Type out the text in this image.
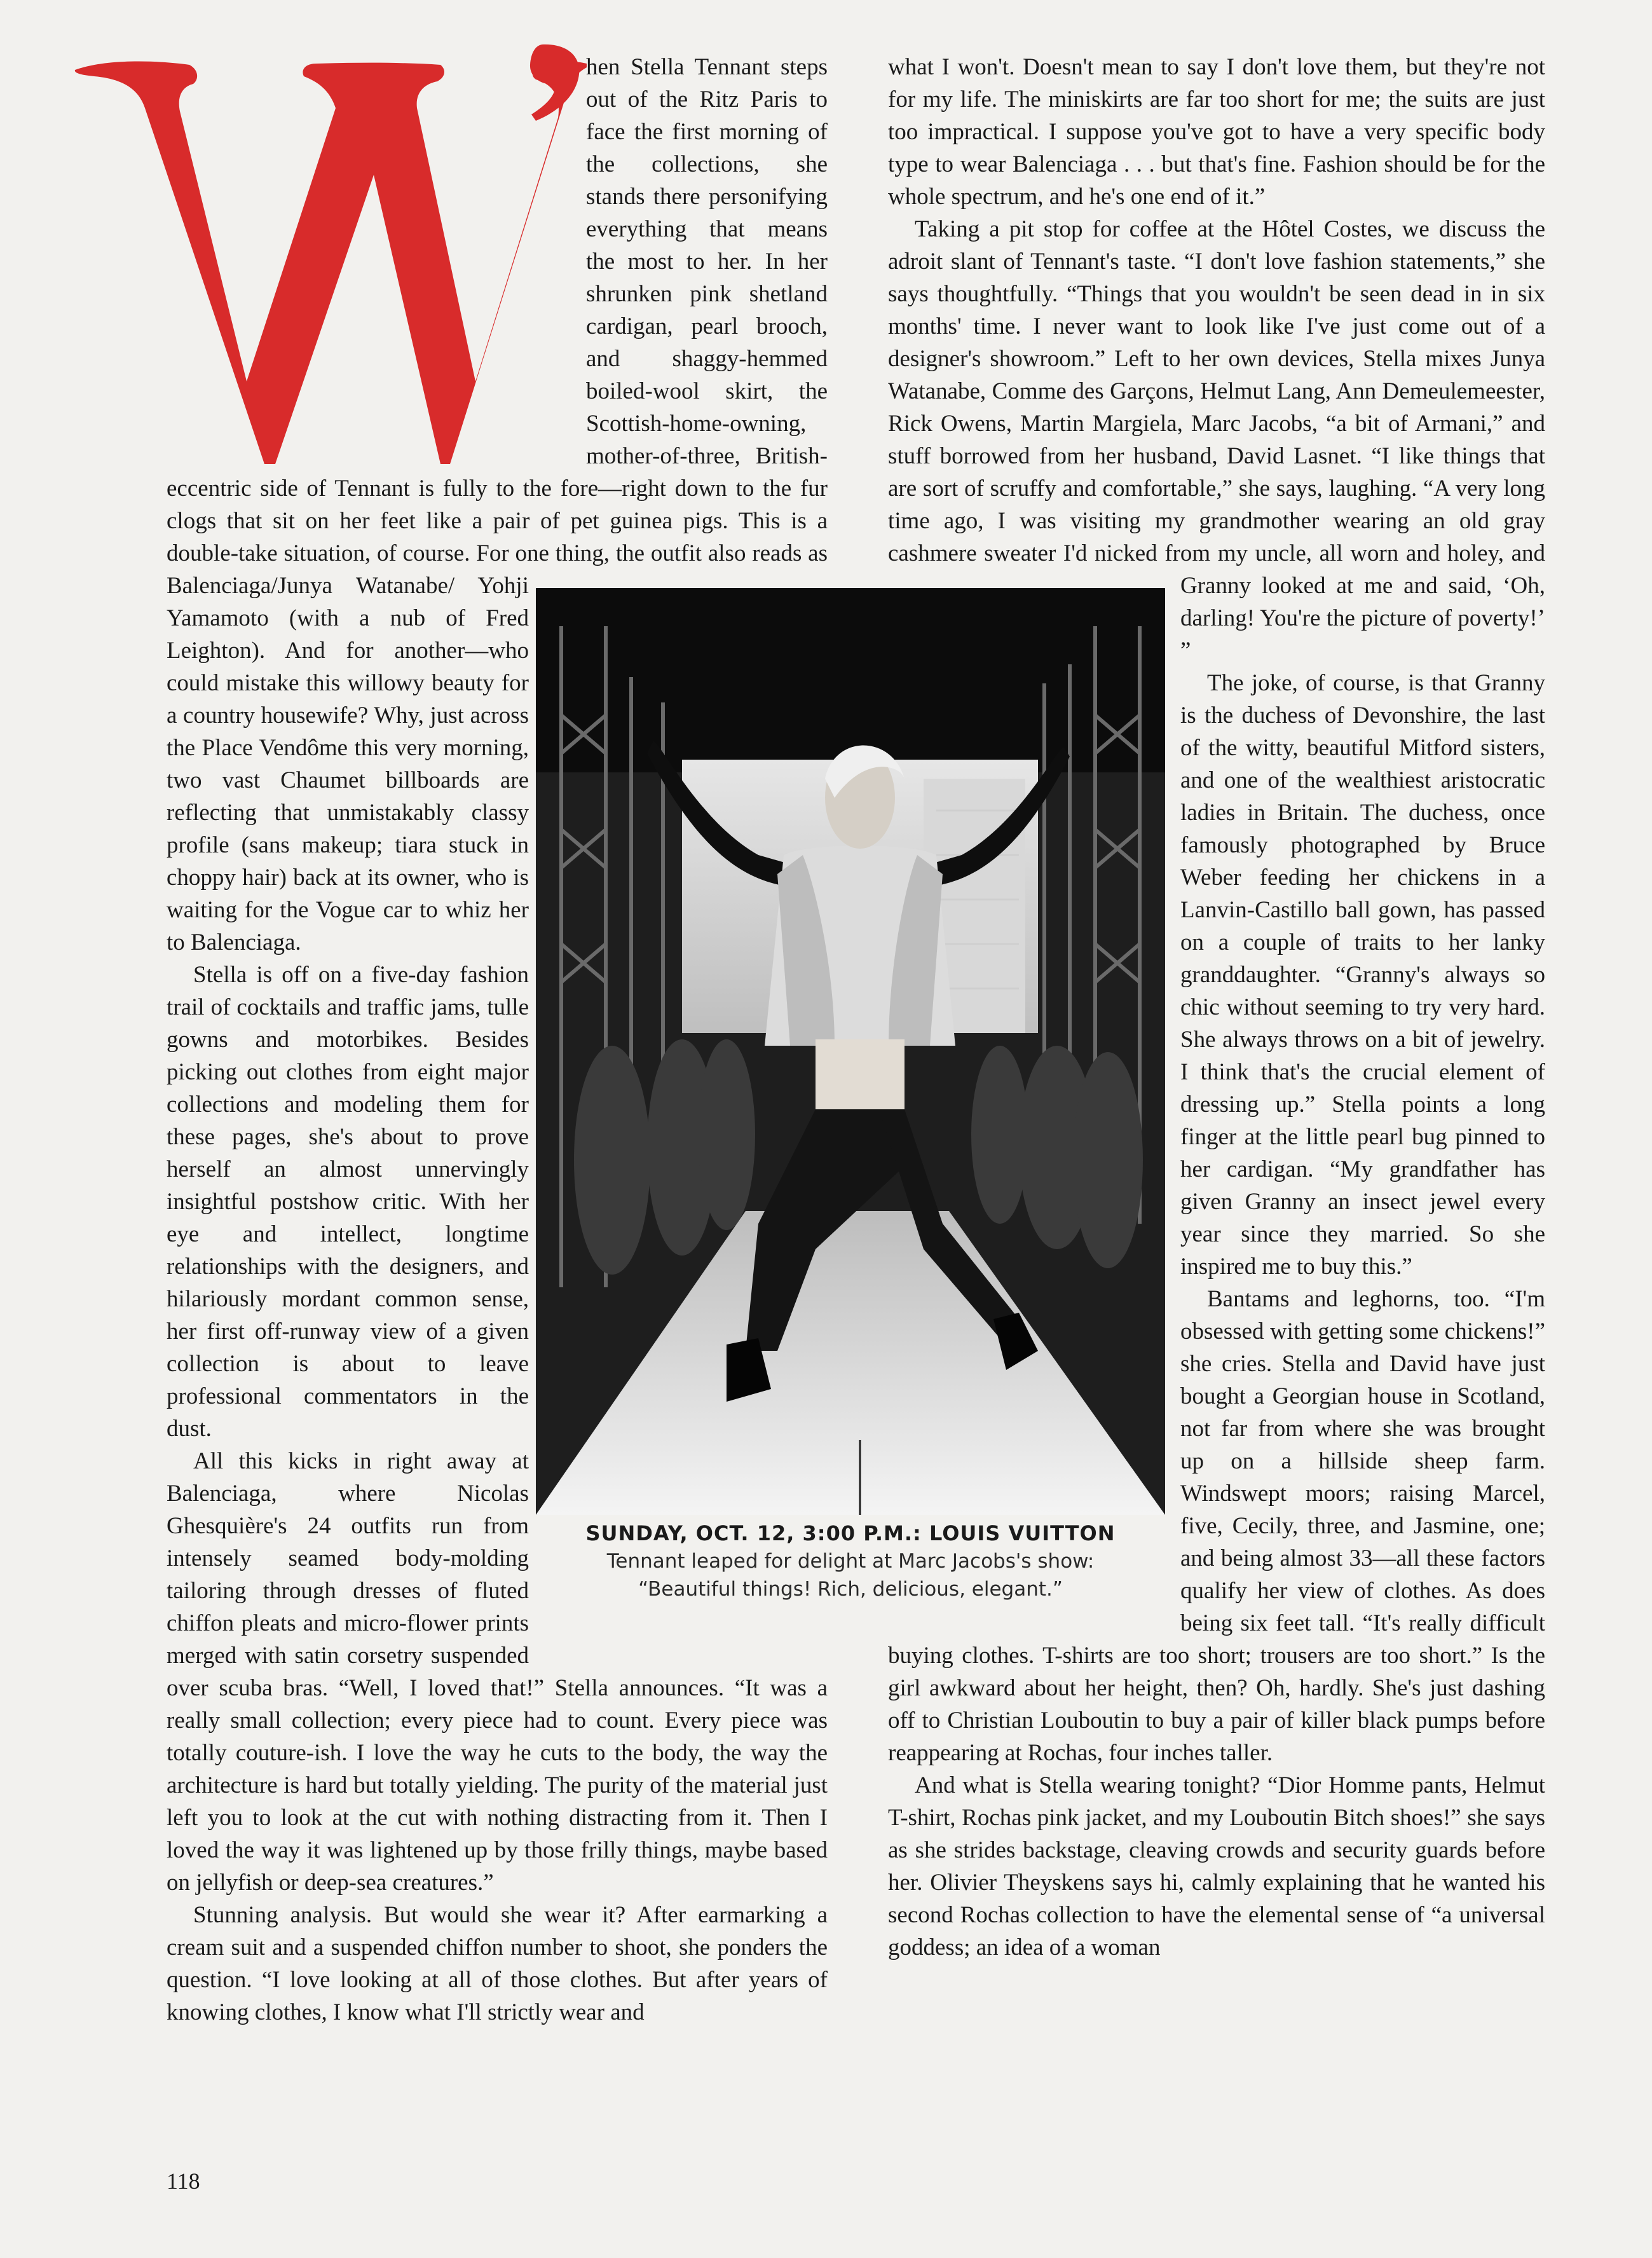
SUNDAY, OCT. 12, 3:00 P.M.: LOUIS VUITTON
Tennant leaped for delight at Marc Jacobs's show:
“Beautiful things! Rich, delicious, elegant.”

hen Stella Tennant steps out of the Ritz Paris to face the first morning of the collections, she stands there personifying everything that means the most to her. In her shrunken pink shetland cardigan, pearl brooch, and shaggy-hemmed boiled-wool skirt, the Scottish-home-owning, mother-of-three, British-eccentric side of Tennant is fully to the fore—right down to the fur clogs that sit on her feet like a pair of pet guinea pigs. This is a double-take situation, of course. For one thing, the outfit also reads as Balenciaga/Junya Watanabe/ Yohji Yamamoto (with a nub of Fred Leighton). And for another—who could mistake this willowy beauty for a country housewife? Why, just across the Place Vendôme this very morning, two vast Chaumet billboards are reflecting that unmistakably classy profile (sans makeup; tiara stuck in choppy hair) back at its owner, who is waiting for the Vogue car to whiz her to Balenciaga.

Stella is off on a five-day fashion trail of cocktails and traffic jams, tulle gowns and motorbikes. Besides picking out clothes from eight major collections and modeling them for these pages, she's about to prove herself an almost unnervingly insightful postshow critic. With her eye and intellect, longtime relationships with the designers, and hilariously mordant common sense, her first off-runway view of a given collection is about to leave professional commentators in the dust.

All this kicks in right away at Balenciaga, where Nicolas Ghesquière's 24 outfits run from intensely seamed body-molding tailoring through dresses of fluted chiffon pleats and micro-flower prints merged with satin corsetry suspended over scuba bras. “Well, I loved that!” Stella announces. “It was a really small collection; every piece had to count. Every piece was totally couture-ish. I love the way he cuts to the body, the way the architecture is hard but totally yielding. The purity of the material just left you to look at the cut with nothing distracting from it. Then I loved the way it was lightened up by those frilly things, maybe based on jellyfish or deep-sea creatures.”

Stunning analysis. But would she wear it? After earmarking a cream suit and a suspended chiffon number to shoot, she ponders the question. “I love looking at all of those clothes. But after years of knowing clothes, I know what I'll strictly wear and

what I won't. Doesn't mean to say I don't love them, but they're not for my life. The miniskirts are far too short for me; the suits are just too impractical. I suppose you've got to have a very specific body type to wear Balenciaga . . . but that's fine. Fashion should be for the whole spectrum, and he's one end of it.”

Taking a pit stop for coffee at the Hôtel Costes, we discuss the adroit slant of Tennant's taste. “I don't love fashion statements,” she says thoughtfully. “Things that you wouldn't be seen dead in in six months' time. I never want to look like I've just come out of a designer's showroom.” Left to her own devices, Stella mixes Junya Watanabe, Comme des Garçons, Helmut Lang, Ann Demeulemeester, Rick Owens, Martin Margiela, Marc Jacobs, “a bit of Armani,” and stuff borrowed from her husband, David Lasnet. “I like things that are sort of scruffy and comfortable,” she says, laughing. “A very long time ago, I was visiting my grandmother wearing an old gray cashmere sweater I'd nicked from my uncle, all worn and holey, and Granny looked at me and said, ‘Oh, darling! You're the picture of poverty!’ ”

The joke, of course, is that Granny is the duchess of Devonshire, the last of the witty, beautiful Mitford sisters, and one of the wealthiest aristocratic ladies in Britain. The duchess, once famously photographed by Bruce Weber feeding her chickens in a Lanvin-Castillo ball gown, has passed on a couple of traits to her lanky granddaughter. “Granny's always so chic without seeming to try very hard. She always throws on a bit of jewelry. I think that's the crucial element of dressing up.” Stella points a long finger at the little pearl bug pinned to her cardigan. “My grandfather has given Granny an insect jewel every year since they married. So she inspired me to buy this.”

Bantams and leghorns, too. “I'm obsessed with getting some chickens!” she cries. Stella and David have just bought a Georgian house in Scotland, not far from where she was brought up on a hillside sheep farm. Windswept moors; raising Marcel, five, Cecily, three, and Jasmine, one; and being almost 33—all these factors qualify her view of clothes. As does being six feet tall. “It's really difficult buying clothes. T-shirts are too short; trousers are too short.” Is the girl awkward about her height, then? Oh, hardly. She's just dashing off to Christian Louboutin to buy a pair of killer black pumps before reappearing at Rochas, four inches taller.

And what is Stella wearing tonight? “Dior Homme pants, Helmut T-shirt, Rochas pink jacket, and my Louboutin Bitch shoes!” she says as she strides backstage, cleaving crowds and security guards before her. Olivier Theyskens says hi, calmly explaining that he wanted his second Rochas collection to have the elemental sense of “a universal goddess; an idea of a woman

118
